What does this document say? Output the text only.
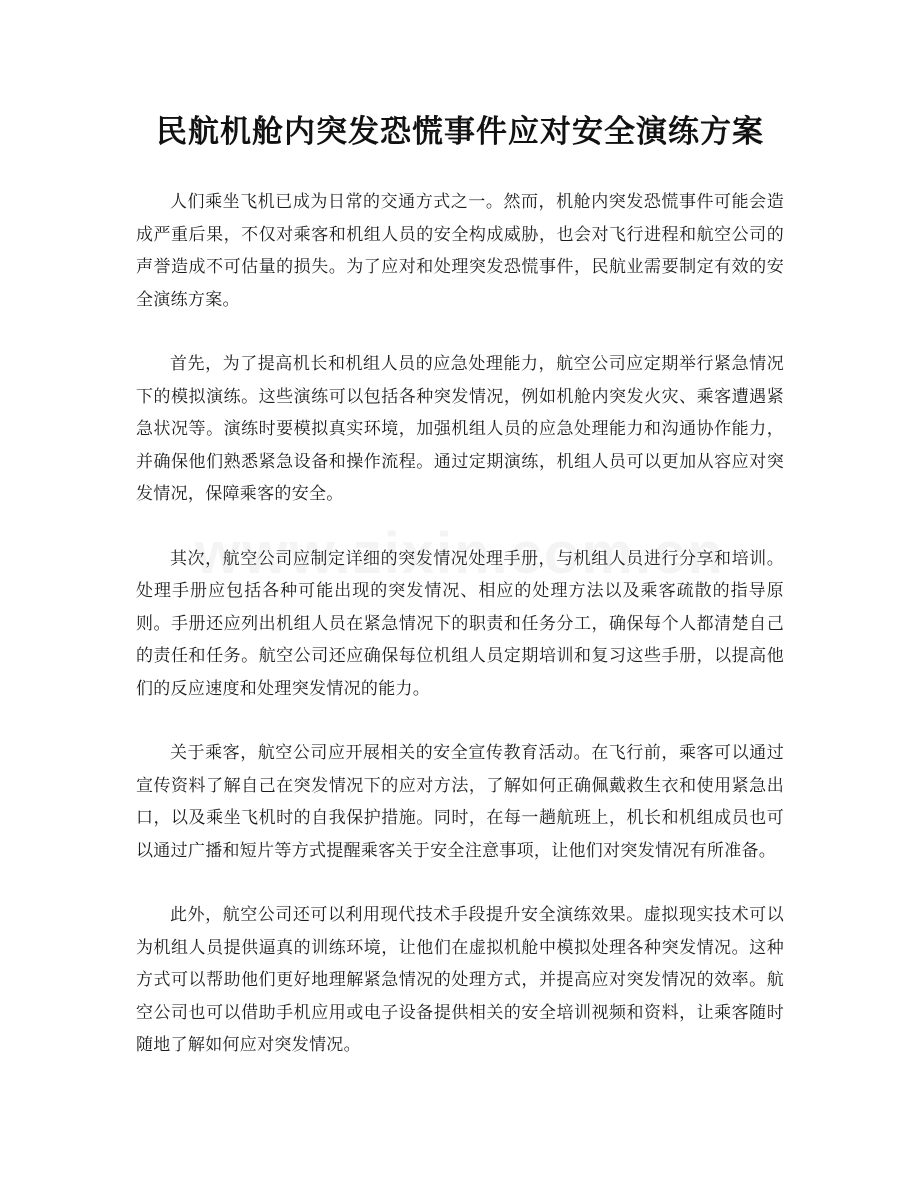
民航机舱内突发恐慌事件应对安全演练方案

人们乘坐飞机已成为日常的交通方式之一。然而，机舱内突发恐慌事件可能会造成严重后果，不仅对乘客和机组人员的安全构成威胁，也会对飞行进程和航空公司的声誉造成不可估量的损失。为了应对和处理突发恐慌事件，民航业需要制定有效的安全演练方案。

首先，为了提高机长和机组人员的应急处理能力，航空公司应定期举行紧急情况下的模拟演练。这些演练可以包括各种突发情况，例如机舱内突发火灾、乘客遭遇紧急状况等。演练时要模拟真实环境，加强机组人员的应急处理能力和沟通协作能力，并确保他们熟悉紧急设备和操作流程。通过定期演练，机组人员可以更加从容应对突发情况，保障乘客的安全。

其次，航空公司应制定详细的突发情况处理手册，与机组人员进行分享和培训。处理手册应包括各种可能出现的突发情况、相应的处理方法以及乘客疏散的指导原则。手册还应列出机组人员在紧急情况下的职责和任务分工，确保每个人都清楚自己的责任和任务。航空公司还应确保每位机组人员定期培训和复习这些手册，以提高他们的反应速度和处理突发情况的能力。

关于乘客，航空公司应开展相关的安全宣传教育活动。在飞行前，乘客可以通过宣传资料了解自己在突发情况下的应对方法，了解如何正确佩戴救生衣和使用紧急出口，以及乘坐飞机时的自我保护措施。同时，在每一趟航班上，机长和机组成员也可以通过广播和短片等方式提醒乘客关于安全注意事项，让他们对突发情况有所准备。

此外，航空公司还可以利用现代技术手段提升安全演练效果。虚拟现实技术可以为机组人员提供逼真的训练环境，让他们在虚拟机舱中模拟处理各种突发情况。这种方式可以帮助他们更好地理解紧急情况的处理方式，并提高应对突发情况的效率。航空公司也可以借助手机应用或电子设备提供相关的安全培训视频和资料，让乘客随时随地了解如何应对突发情况。
